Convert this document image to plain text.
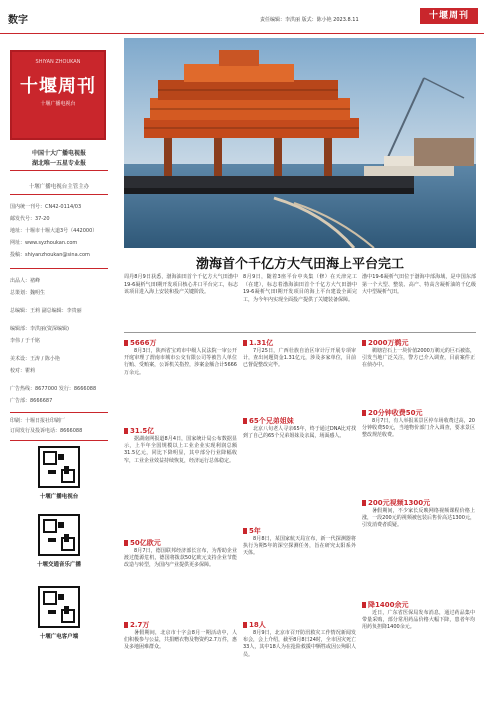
数字	责任编辑：李洪丽 版式：陈小艳 2023.8.11	十堰周刊
SHIYAN ZHOUKAN
十堰周刊
十堰广播电视台
中国十大广播电视报
湖北唯一五星专业报
十堰广播电视台主管主办
国内统一刊号：CN42-0114/03
邮发代号：37-20
地址：十堰市十堰大道3号（442000）
网址：www.syzhoukan.com
投稿：shiyanzhoukan@sina.com
出品人：褚峰
总策划：魏明生
总编辑：王莉 副总编辑：李贵丽
编辑部：李洪丽(资深编辑)
李伟 / 于千铭
美术设：王涛 / 陈小艳
校对：瞿莉
广告热线：8677000 发行：8666088
广告部：8666687
印刷：十堰日报社印刷厂
订阅发行及投诉电话：8666088
十堰广播电视台
十堰交通音乐广播
十堰广电客户端
渤海首个千亿方大气田海上平台完工
周丹8月9日获悉，渤海油田首个千亿方大气田渤中19-6凝析气田Ⅰ期开发项目核心井口平台完工，标志该项目进入海上安装和投产关键阶段。
8月9日，随着3座平台中央集（修）在天津完工（在建），标志着渤海油田首个千亿方大气田渤中19-6凝析气田Ⅰ期开发项目的海上平台建设全面完工，为今年内实现全面投产提供了关键装备保障。
渤中19-6凝析气田位于渤海中部海域，是中国东部第一个大型、整装、高产、特高含凝析油的千亿级大中型凝析气田。
5666万
8月3日，陕西省宝鸡市中级人民法院一审公开开庭审理了渭南市城市公交有限公司等被告人单位行贿、受贿案，公诉机关指控，涉案金额合计5666万余元。
31.5亿
据湖南网报道8月4日，国家统计局公布数据显示，上半年全国规模以上工业企业实现利润总额31.5亿元，同比下降明显，其中部分行业降幅收窄，工业企业效益持续恢复，经济运行总体稳定。
50亿欧元
8月7日，德国联邦经济部长宣布，为帮助企业渡过能源危机，德国将拨款50亿欧元支持企业节能改造与转型，为国内产业提供更多保障。
2.7万
暑假期间，北京市十字会8月一期活动中，人们积极参与公益，共捐赠衣物及物资约2.7万件，惠及多地困难群众。
1.31亿
7月25日，广西壮族自治区审计厅开展专项审计，查出问题资金1.31亿元，涉及多家单位，目前已督促整改完毕。
65个兄弟姐妹
北京八旬老人寻亲65年，终于通过DNA比对找到了自己的65个兄弟姐妹及亲属，场面感人。
5年
8月8日，某国家航天局宣布，新一代探测器将执行为期5年的深空探测任务，旨在研究太阳系外天体。
18人
8月9日，北京市召开防汛救灾工作情况新闻发布会，会上介绍，截至8月8日24时，全市因灾死亡33人，其中18人为在抢险救援中牺牲或因公殉职人员。
2000万鹈元
鹈塘岩石上一块价值2000万鹈元的巨石被盗，引发当地广泛关注，警方已介入调查，目前案件正在侦办中。
20分钟收费50元
8月7日，有人举报某景区停车场收费过高，20分钟收费50元，当地物价部门介入调查，要求景区整改规范收费。
200元视频1300元
暑假期间，不少家长反映网络视频课程价格上涨，一段200元的视频被包装后售价高达1300元，引发消费者质疑。
降1400余元
近日，广东省医保局发布消息，通过药品集中带量采购，部分常用药品价格大幅下降，患者年均用药负担降1400余元。
